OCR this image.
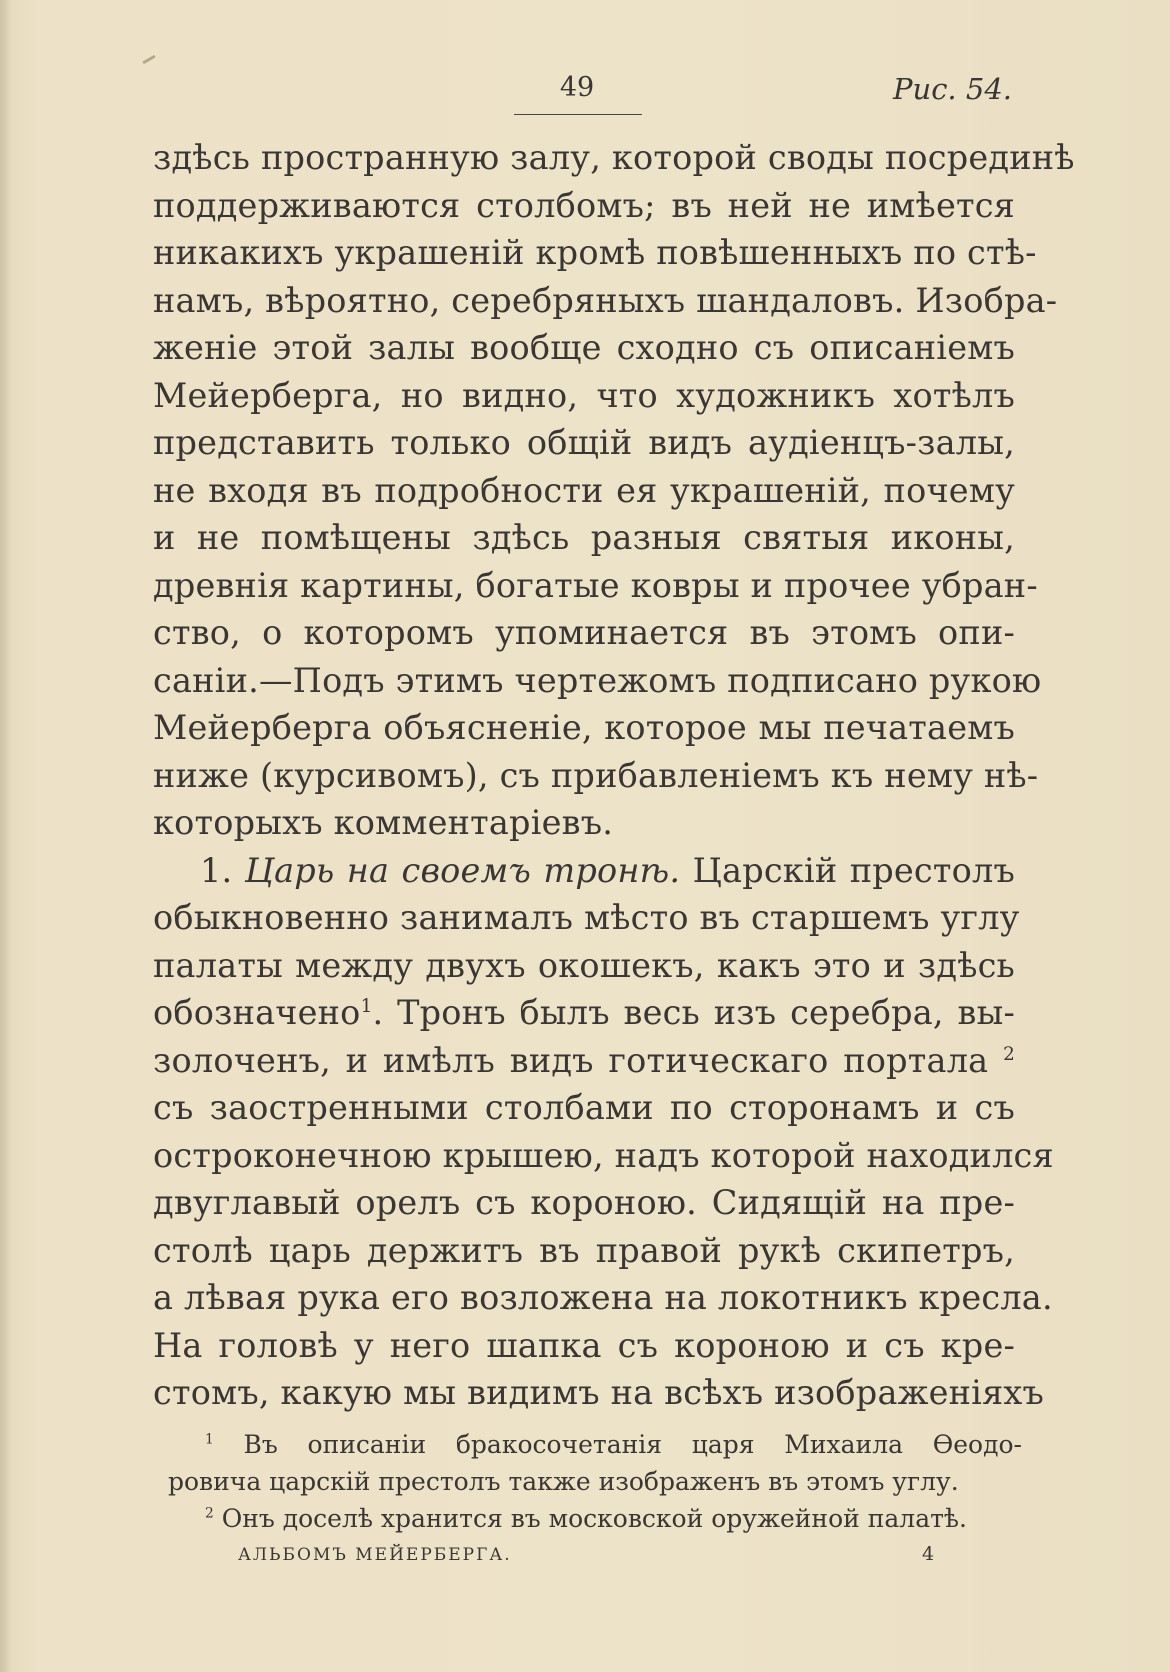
49	Рис. 54.
здѣсь пространную залу, которой своды посрединѣ
поддерживаются столбомъ; въ ней не имѣется
никакихъ украшеній кромѣ повѣшенныхъ по стѣ-
намъ, вѣроятно, серебряныхъ шандаловъ. Изобра-
женіе этой залы вообще сходно съ описаніемъ
Мейерберга, но видно, что художникъ хотѣлъ
представить только общій видъ аудіенцъ-залы,
не входя въ подробности ея украшеній, почему
и не помѣщены здѣсь разныя святыя иконы,
древнія картины, богатые ковры и прочее убран-
ство, о которомъ упоминается въ этомъ опи-
саніи.—Подъ этимъ чертежомъ подписано рукою
Мейерберга объясненіе, которое мы печатаемъ
ниже (курсивомъ), съ прибавленіемъ къ нему нѣ-
которыхъ комментаріевъ.
1. Царь на своемъ тронѣ. Царскій престолъ
обыкновенно занималъ мѣсто въ старшемъ углу
палаты между двухъ окошекъ, какъ это и здѣсь
обозначено$^1$. Тронъ былъ весь изъ серебра, вы-
золоченъ, и имѣлъ видъ готическаго портала $^2$
съ заостренными столбами по сторонамъ и съ
остроконечною крышею, надъ которой находился
двуглавый орелъ съ короною. Сидящій на пре-
столѣ царь держитъ въ правой рукѣ скипетръ,
а лѣвая рука его возложена на локотникъ кресла.
На головѣ у него шапка съ короною и съ кре-
стомъ, какую мы видимъ на всѣхъ изображеніяхъ
$^1$ Въ описаніи бракосочетанія царя Михаила Ѳеодо-
ровича царскій престолъ также изображенъ въ этомъ углу.
$^2$ Онъ доселѣ хранится въ московской оружейной палатѣ.
АЛЬБОМЪ МЕЙЕРБЕРГА.	4
